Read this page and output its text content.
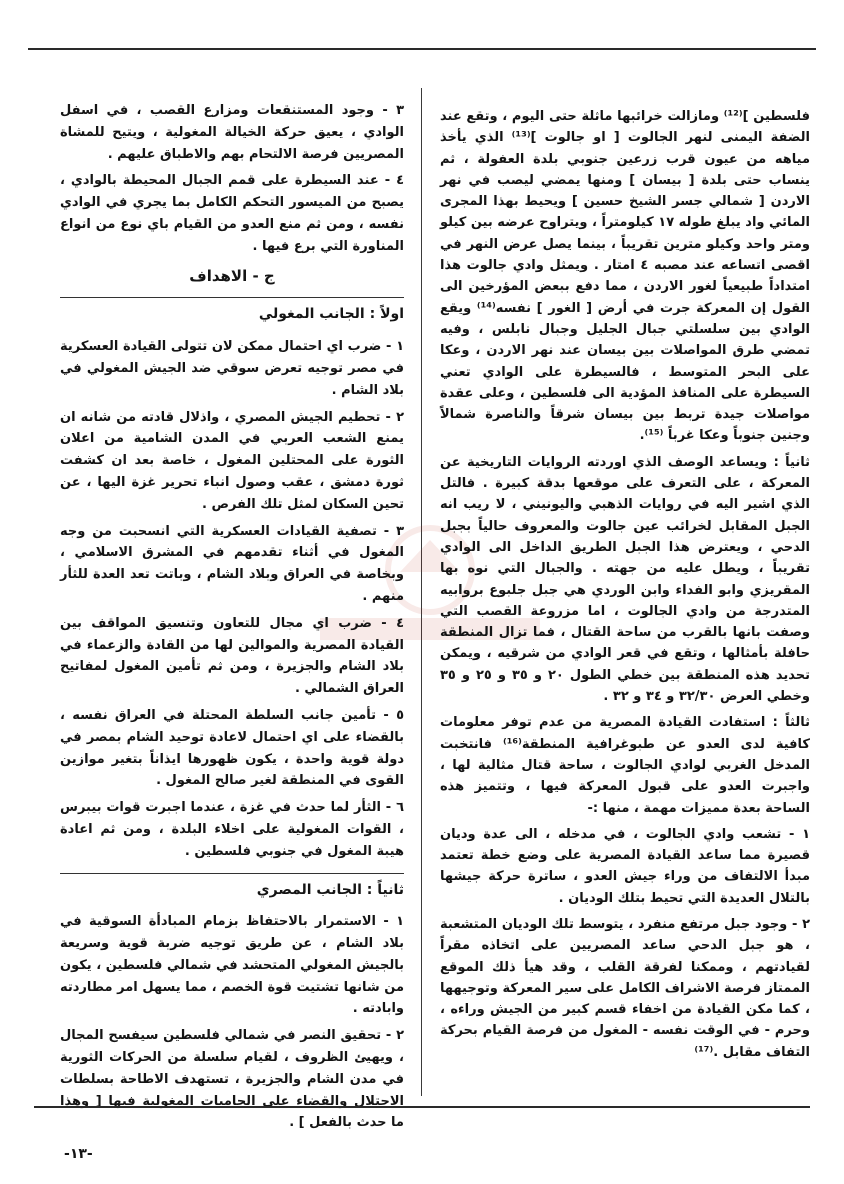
فلسطين ]⁽¹²⁾ ومازالت خرائبها ماثلة حتى اليوم ، وتقع عند الضفة اليمنى لنهر الجالوت [ او جالوت ]⁽¹³⁾ الذي يأخذ مياهه من عيون قرب زرعين جنوبي بلدة العفولة ، ثم ينساب حتى بلدة [ بيسان ] ومنها يمضي ليصب في نهر الاردن [ شمالي جسر الشيخ حسين ] ويحيط بهذا المجرى المائي واد يبلغ طوله ١٧ كيلومتراً ، ويتراوح عرضه بين كيلو ومتر واحد وكيلو مترين تقريباً ، بينما يصل عرض النهر في اقصى اتساعه عند مصبه ٤ امتار . ويمثل وادي جالوت هذا امتداداً طبيعياً لغور الاردن ، مما دفع ببعض المؤرخين الى القول إن المعركة جرت في أرض [ الغور ] نفسه⁽¹⁴⁾ ويقع الوادي بين سلسلتي جبال الجليل وجبال نابلس ، وفيه تمضي طرق المواصلات بين بيسان عند نهر الاردن ، وعكا على البحر المتوسط ، فالسيطرة على الوادي تعني السيطرة على المنافذ المؤدية الى فلسطين ، وعلى عقدة مواصلات جيدة تربط بين بيسان شرقاً والناصرة شمالاً وجنين جنوباً وعكا غرباً ⁽¹⁵⁾.

ثانياً : ويساعد الوصف الذي اوردته الروايات التاريخية عن المعركة ، على التعرف على موقعها بدقة كبيرة . فالتل الذي اشير اليه في روايات الذهبي واليونيني ، لا ريب انه الجبل المقابل لخرائب عين جالوت والمعروف حالياً بجبل الدحي ، ويعترض هذا الجبل الطريق الداخل الى الوادي تقريباً ، ويطل عليه من جهته . والجبال التي نوه بها المقريزي وابو الفداء وابن الوردي هي جبل جلبوع بروابيه المتدرجة من وادي الجالوت ، اما مزروعة القصب التي وصفت بانها بالقرب من ساحة القتال ، فما تزال المنطقة حافلة بأمثالها ، وتقع في قعر الوادي من شرقيه ، ويمكن تحديد هذه المنطقة بين خطي الطول ٢٠ و ٣٥ و ٢٥ و ٣٥ وخطي العرض ٣٢/٣٠ و ٣٤ و ٣٢ .

ثالثاً : استفادت القيادة المصرية من عدم توفر معلومات كافية لدى العدو عن طبوغرافية المنطقة⁽¹⁶⁾ فانتخبت المدخل الغربي لوادي الجالوت ، ساحة قتال مثالية لها ، واجبرت العدو على قبول المعركة فيها ، وتتميز هذه الساحة بعدة مميزات مهمة ، منها :-

١ - تشعب وادي الجالوت ، في مدخله ، الى عدة وديان قصيرة مما ساعد القيادة المصرية على وضع خطة تعتمد مبدأ الالتفاف من وراء جيش العدو ، ساترة حركة جيشها بالتلال العديدة التي تحيط بتلك الوديان .

٢ - وجود جبل مرتفع منفرد ، يتوسط تلك الوديان المتشعبة ، هو جبل الدحي ساعد المصريين على اتخاذه مقراً لقيادتهم ، وممكنا لفرقة القلب ، وقد هيأ ذلك الموقع الممتاز فرصة الاشراف الكامل على سير المعركة وتوجيهها ، كما مكن القيادة من اخفاء قسم كبير من الجيش وراءه ، وحرم - في الوقت نفسه - المغول من فرصة القيام بحركة التفاف مقابل .⁽¹⁷⁾

٣ - وجود المستنقعات ومزارع القصب ، في اسفل الوادي ، يعيق حركة الخيالة المغولية ، ويتيح للمشاة المصريين فرصة الالتحام بهم والاطباق عليهم .

٤ - عند السيطرة على قمم الجبال المحيطة بالوادي ، يصبح من الميسور التحكم الكامل بما يجري في الوادي نفسه ، ومن ثم منع العدو من القيام باي نوع من انواع المناورة التي برع فيها .

ج - الاهداف
اولاً : الجانب المغولي

١ - ضرب اي احتمال ممكن لان تتولى القيادة العسكرية في مصر توجيه تعرض سوقي ضد الجيش المغولي في بلاد الشام .

٢ - تحطيم الجيش المصري ، واذلال قادته من شانه ان يمنع الشعب العربي في المدن الشامية من اعلان الثورة على المحتلين المغول ، خاصة بعد ان كشفت ثورة دمشق ، عقب وصول انباء تحرير غزة اليها ، عن تحين السكان لمثل تلك الفرص .

٣ - تصفية القيادات العسكرية التي انسحبت من وجه المغول في أثناء تقدمهم في المشرق الاسلامي ، وبخاصة في العراق وبلاد الشام ، وباتت تعد العدة للثأر منهم .

٤ - ضرب اي مجال للتعاون وتنسيق المواقف بين القيادة المصرية والموالين لها من القادة والزعماء في بلاد الشام والجزيرة ، ومن ثم تأمين المغول لمفاتيح العراق الشمالي .

٥ - تأمين جانب السلطة المحتلة في العراق نفسه ، بالقضاء على اي احتمال لاعادة توحيد الشام بمصر في دولة قوية واحدة ، يكون ظهورها ايذاناً بتغير موازين القوى في المنطقة لغير صالح المغول .

٦ - الثأر لما حدث في غزة ، عندما اجبرت قوات بيبرس ، القوات المغولية على اخلاء البلدة ، ومن ثم اعادة هيبة المغول في جنوبي فلسطين .

ثانياً : الجانب المصري

١ - الاستمرار بالاحتفاظ بزمام المبادأة السوقية في بلاد الشام ، عن طريق توجيه ضربة قوية وسريعة بالجيش المغولي المتحشد في شمالي فلسطين ، يكون من شانها تشتيت قوة الخصم ، مما يسهل امر مطاردته وابادته .

٢ - تحقيق النصر في شمالي فلسطين سيفسح المجال ، ويهيئ الظروف ، لقيام سلسلة من الحركات الثورية في مدن الشام والجزيرة ، تستهدف الاطاحة بسلطات الاحتلال والقضاء على الحاميات المغولية فيها [ وهذا ما حدث بالفعل ] .

-١٣-
